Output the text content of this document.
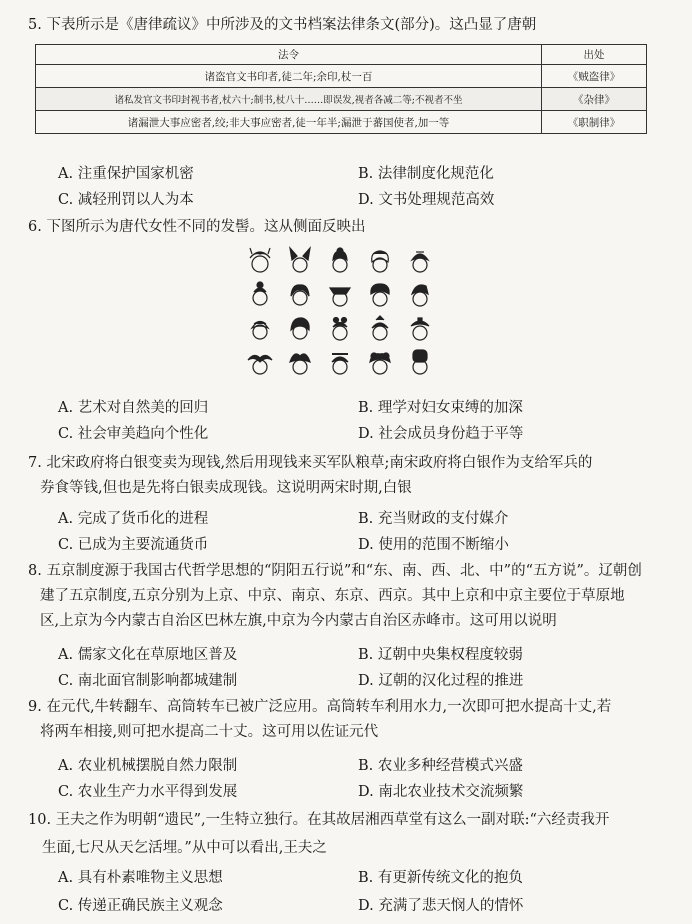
5. 下表所示是《唐律疏议》中所涉及的文书档案法律条文(部分)。这凸显了唐朝
法令	出处
诸盗官文书印者,徒二年;余印,杖一百	《贼盗律》
诸私发官文书印封视书者,杖六十;制书,杖八十……即误发,视者各减二等;不视者不坐	《杂律》
诸漏泄大事应密者,绞;非大事应密者,徒一年半;漏泄于蕃国使者,加一等	《职制律》
A. 注重保护国家机密	B. 法律制度化规范化
C. 减轻刑罚以人为本	D. 文书处理规范高效
6. 下图所示为唐代女性不同的发髻。这从侧面反映出
A. 艺术对自然美的回归	B. 理学对妇女束缚的加深
C. 社会审美趋向个性化	D. 社会成员身份趋于平等
7. 北宋政府将白银变卖为现钱,然后用现钱来买军队粮草;南宋政府将白银作为支给军兵的
券食等钱,但也是先将白银卖成现钱。这说明两宋时期,白银
A. 完成了货币化的进程	B. 充当财政的支付媒介
C. 已成为主要流通货币	D. 使用的范围不断缩小
8. 五京制度源于我国古代哲学思想的“阴阳五行说”和“东、南、西、北、中”的“五方说”。辽朝创
建了五京制度,五京分别为上京、中京、南京、东京、西京。其中上京和中京主要位于草原地
区,上京为今内蒙古自治区巴林左旗,中京为今内蒙古自治区赤峰市。这可用以说明
A. 儒家文化在草原地区普及	B. 辽朝中央集权程度较弱
C. 南北面官制影响都城建制	D. 辽朝的汉化过程的推进
9. 在元代,牛转翻车、高筒转车已被广泛应用。高筒转车利用水力,一次即可把水提高十丈,若
将两车相接,则可把水提高二十丈。这可用以佐证元代
A. 农业机械摆脱自然力限制	B. 农业多种经营模式兴盛
C. 农业生产力水平得到发展	D. 南北农业技术交流频繁
10. 王夫之作为明朝“遗民”,一生特立独行。在其故居湘西草堂有这么一副对联:“六经责我开
生面,七尺从天乞活埋。”从中可以看出,王夫之
A. 具有朴素唯物主义思想	B. 有更新传统文化的抱负
C. 传递正确民族主义观念	D. 充满了悲天悯人的情怀
